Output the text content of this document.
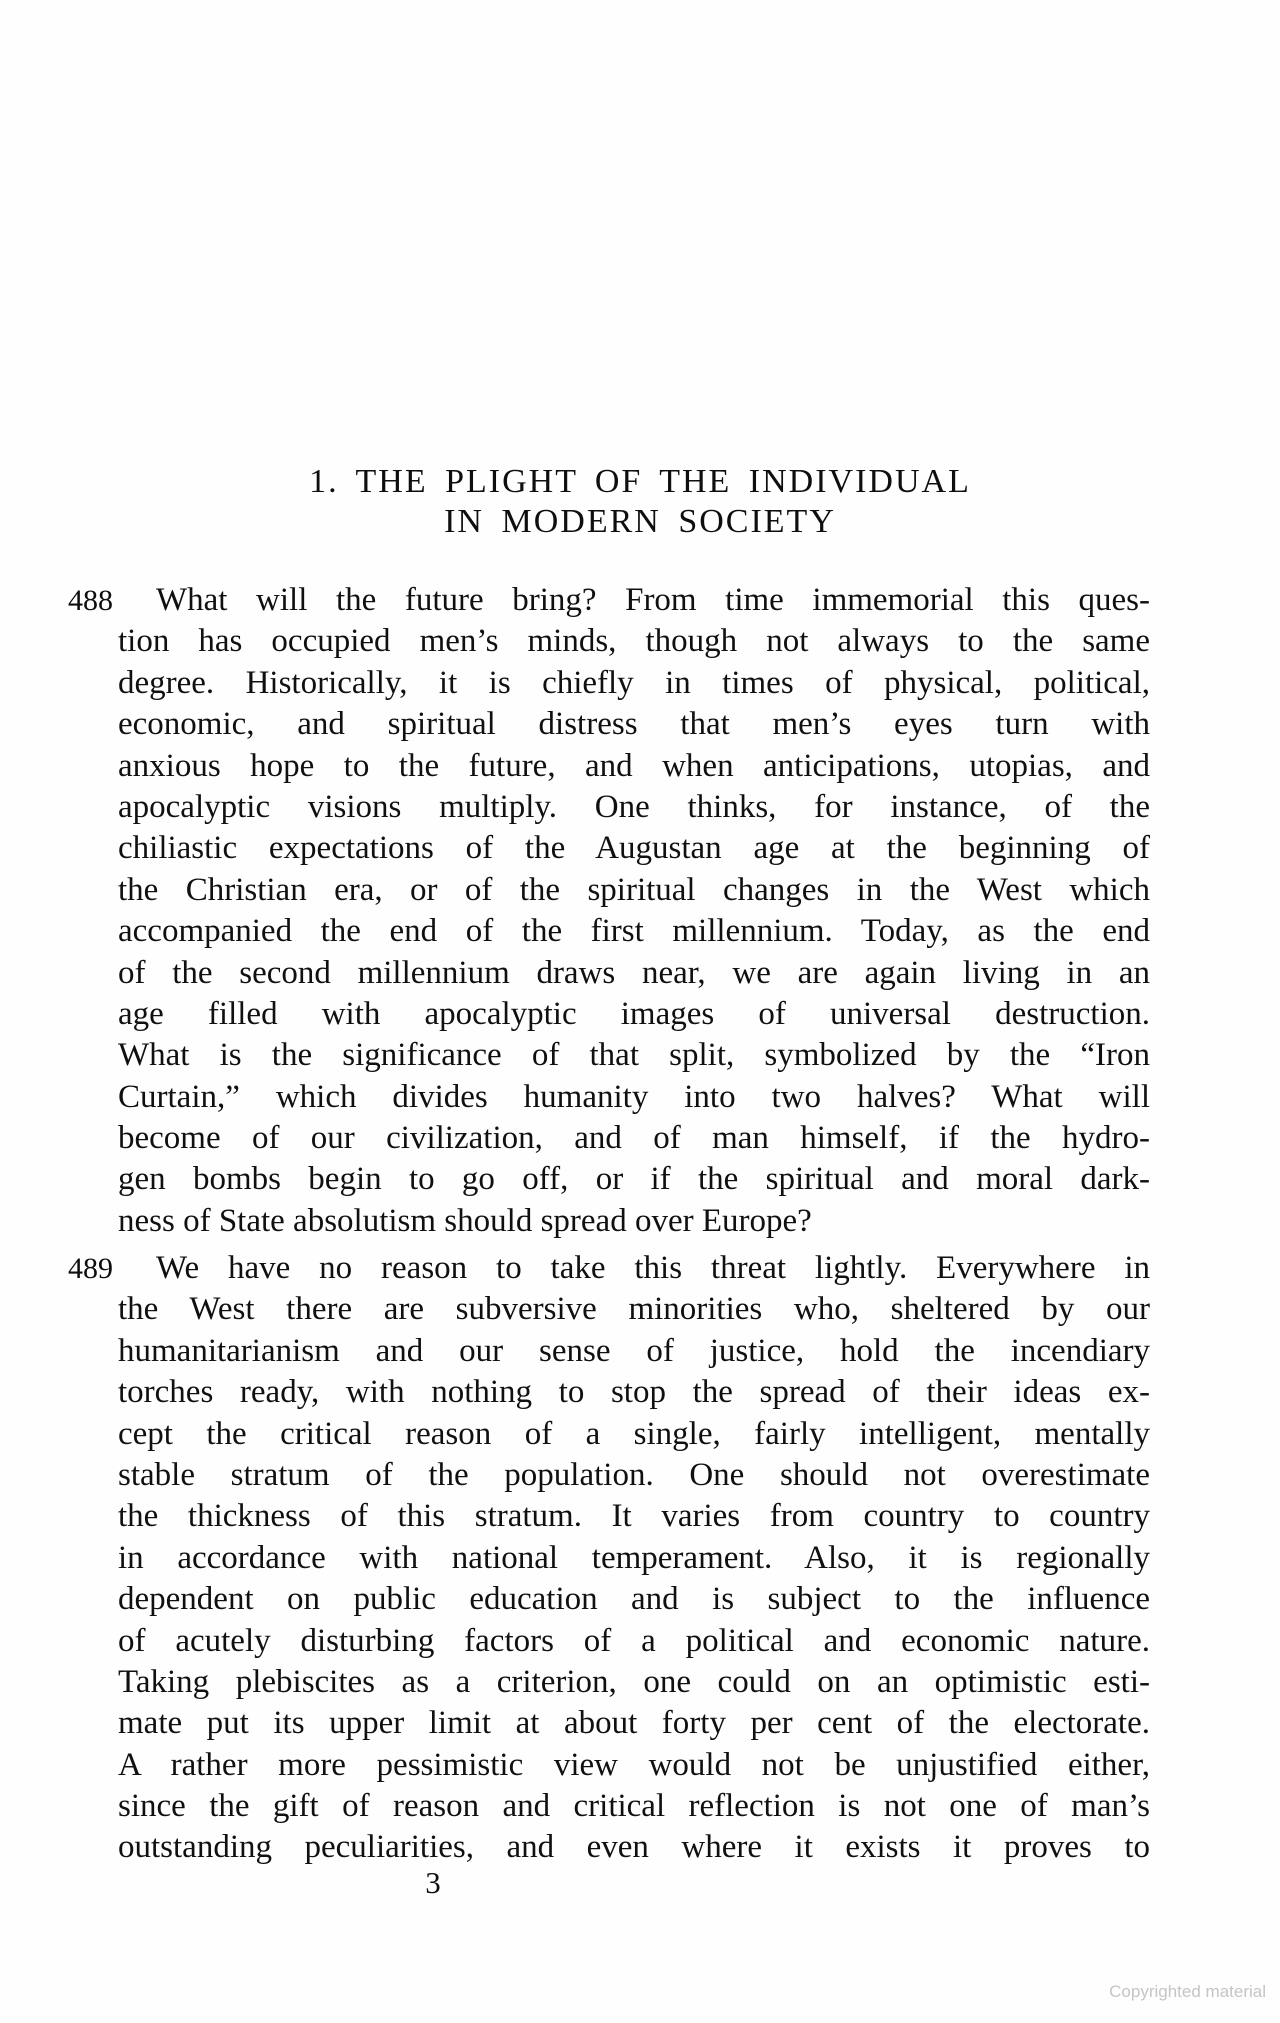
1. THE PLIGHT OF THE INDIVIDUAL
IN MODERN SOCIETY
488	What will the future bring? From time immemorial this ques-
tion has occupied men’s minds, though not always to the same
degree. Historically, it is chiefly in times of physical, political,
economic, and spiritual distress that men’s eyes turn with
anxious hope to the future, and when anticipations, utopias, and
apocalyptic visions multiply. One thinks, for instance, of the
chiliastic expectations of the Augustan age at the beginning of
the Christian era, or of the spiritual changes in the West which
accompanied the end of the first millennium. Today, as the end
of the second millennium draws near, we are again living in an
age filled with apocalyptic images of universal destruction.
What is the significance of that split, symbolized by the “Iron
Curtain,” which divides humanity into two halves? What will
become of our civilization, and of man himself, if the hydro-
gen bombs begin to go off, or if the spiritual and moral dark-
ness of State absolutism should spread over Europe?
489	We have no reason to take this threat lightly. Everywhere in
the West there are subversive minorities who, sheltered by our
humanitarianism and our sense of justice, hold the incendiary
torches ready, with nothing to stop the spread of their ideas ex-
cept the critical reason of a single, fairly intelligent, mentally
stable stratum of the population. One should not overestimate
the thickness of this stratum. It varies from country to country
in accordance with national temperament. Also, it is regionally
dependent on public education and is subject to the influence
of acutely disturbing factors of a political and economic nature.
Taking plebiscites as a criterion, one could on an optimistic esti-
mate put its upper limit at about forty per cent of the electorate.
A rather more pessimistic view would not be unjustified either,
since the gift of reason and critical reflection is not one of man’s
outstanding peculiarities, and even where it exists it proves to
3
Copyrighted material
